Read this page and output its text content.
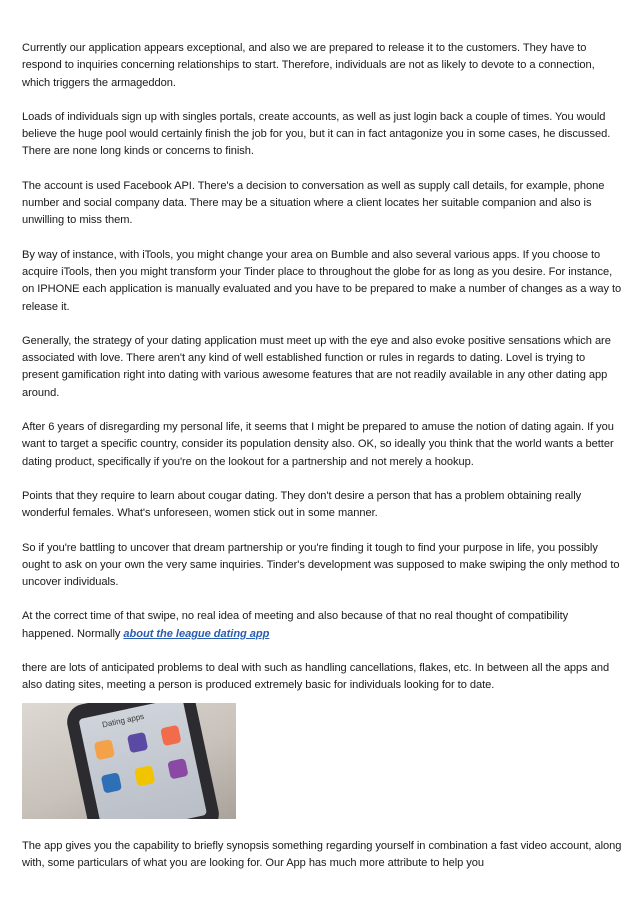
Currently our application appears exceptional, and also we are prepared to release it to the customers. They have to respond to inquiries concerning relationships to start. Therefore, individuals are not as likely to devote to a connection, which triggers the armageddon.

Loads of individuals sign up with singles portals, create accounts, as well as just login back a couple of times. You would believe the huge pool would certainly finish the job for you, but it can in fact antagonize you in some cases, he discussed. There are none long kinds or concerns to finish.

The account is used Facebook API. There's a decision to conversation as well as supply call details, for example, phone number and social company data. There may be a situation where a client locates her suitable companion and also is unwilling to miss them.

By way of instance, with iTools, you might change your area on Bumble and also several various apps. If you choose to acquire iTools, then you might transform your Tinder place to throughout the globe for as long as you desire. For instance, on IPHONE each application is manually evaluated and you have to be prepared to make a number of changes as a way to release it.

Generally, the strategy of your dating application must meet up with the eye and also evoke positive sensations which are associated with love. There aren't any kind of well established function or rules in regards to dating. Lovel is trying to present gamification right into dating with various awesome features that are not readily available in any other dating app around.

After 6 years of disregarding my personal life, it seems that I might be prepared to amuse the notion of dating again. If you want to target a specific country, consider its population density also. OK, so ideally you think that the world wants a better dating product, specifically if you're on the lookout for a partnership and not merely a hookup.

Points that they require to learn about cougar dating. They don't desire a person that has a problem obtaining really wonderful females. What's unforeseen, women stick out in some manner.

So if you're battling to uncover that dream partnership or you're finding it tough to find your purpose in life, you possibly ought to ask on your own the very same inquiries. Tinder's development was supposed to make swiping the only method to uncover individuals.

At the correct time of that swipe, no real idea of meeting and also because of that no real thought of compatibility happened. Normally about the league dating app

there are lots of anticipated problems to deal with such as handling cancellations, flakes, etc. In between all the apps and also dating sites, meeting a person is produced extremely basic for individuals looking for to date.

Dating apps

The app gives you the capability to briefly synopsis something regarding yourself in combination a fast video account, along with, some particulars of what you are looking for. Our App has much more attribute to help you
